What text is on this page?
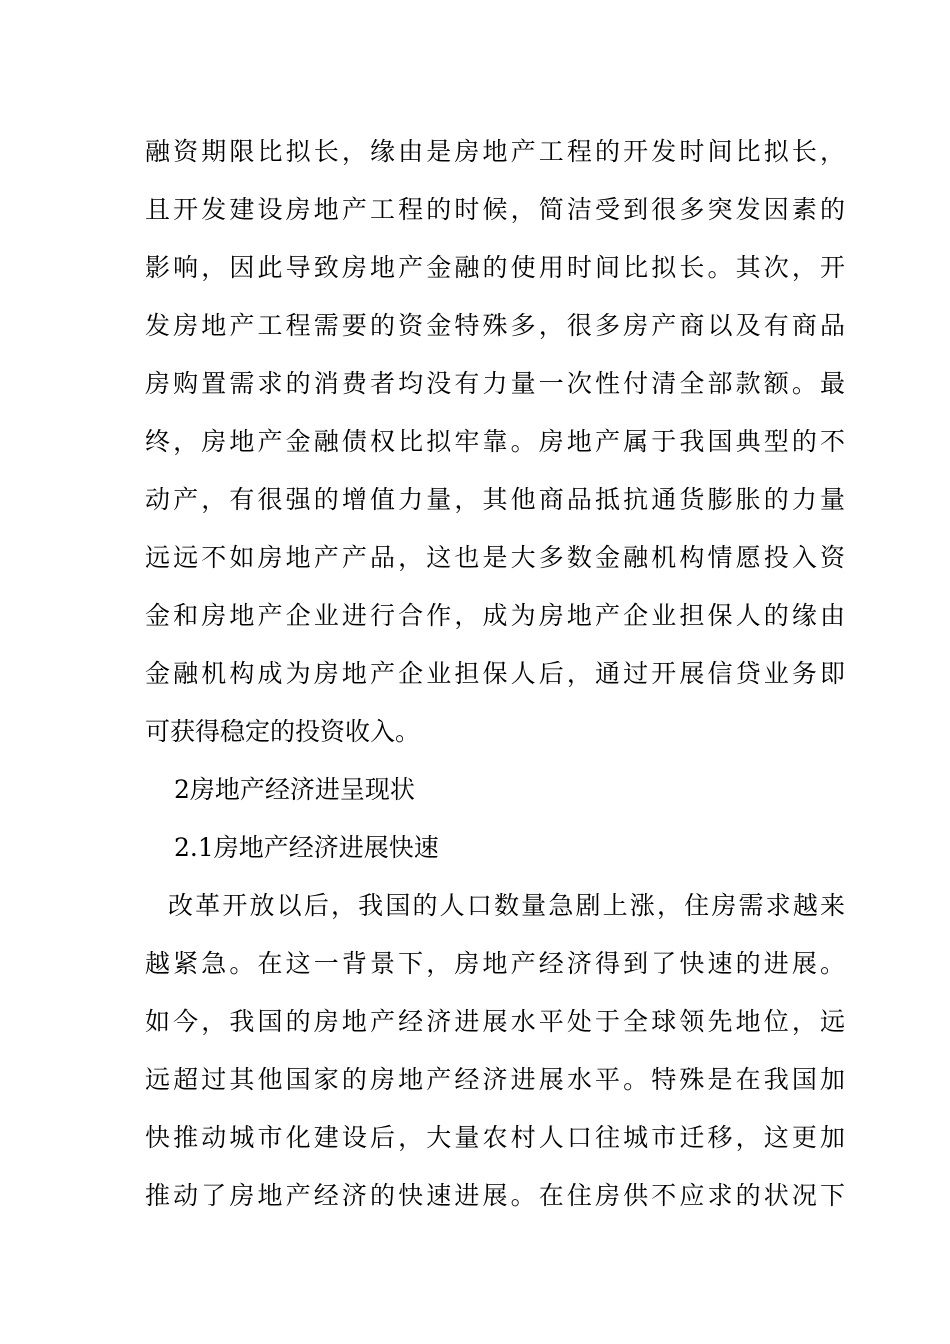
融资期限比拟长，缘由是房地产工程的开发时间比拟长，
且开发建设房地产工程的时候，简洁受到很多突发因素的
影响，因此导致房地产金融的使用时间比拟长。其次，开
发房地产工程需要的资金特殊多，很多房产商以及有商品
房购置需求的消费者均没有力量一次性付清全部款额。最
终，房地产金融债权比拟牢靠。房地产属于我国典型的不
动产，有很强的增值力量，其他商品抵抗通货膨胀的力量
远远不如房地产产品，这也是大多数金融机构情愿投入资
金和房地产企业进行合作，成为房地产企业担保人的缘由
金融机构成为房地产企业担保人后，通过开展信贷业务即
可获得稳定的投资收入。
2房地产经济进呈现状
2.1房地产经济进展快速
改革开放以后，我国的人口数量急剧上涨，住房需求越来
越紧急。在这一背景下，房地产经济得到了快速的进展。
如今，我国的房地产经济进展水平处于全球领先地位，远
远超过其他国家的房地产经济进展水平。特殊是在我国加
快推动城市化建设后，大量农村人口往城市迁移，这更加
推动了房地产经济的快速进展。在住房供不应求的状况下
